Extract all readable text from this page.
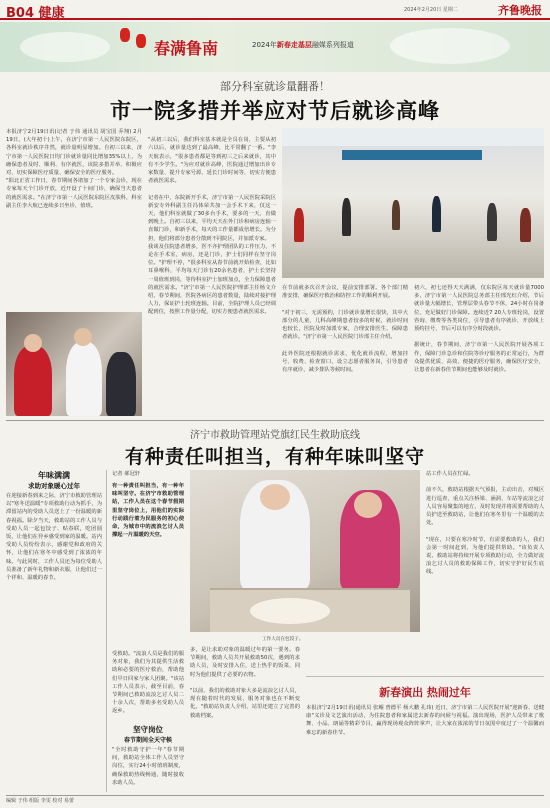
B04 健康	2024年2月20日 星期二	齐鲁晚报
春满鲁南	2024年新春走基层融媒系列报道
部分科室就诊量翻番！
市一院多措并举应对节后就诊高峰
本报济宁2月19日讯(记者 于伟 通讯员 胡宝国 乔翔) 2月19日，(大年初十)上午，在济宁市第一人民医院东院区，各科室就诊秩序井然，就诊量明显增加。自初三以来，济宁市第一人民医院日均门诊就诊量同比增加35%以上，为确保患者及时、顺利、有序就医，该院多措并举、积极应对，切实保障医疗质量、确保安全的医疗服务。
"阳北正省工作日，春节期间各诸加了一个专家会诊，现在专家每天个门诊开放，近开设了十间门诊，确保当天患者的就医需求。"在济宁市第一人民医院东院区皮肤科，科室副主任李大航已连续多日坐诊，值班。

"从初三以后，我们科室基本就是全员在岗，主要从初六以后，就诊量达到了最高峰，比平常翻了一番。"李天航表示，"很多患者都是等到初三之后来就诊，其中有不少学生。"为应对就诊高峰，医院通过增加出诊专家数量、提升专家号源，延长门诊时间等，切实方便患者就医需求。

记者在中，东院新开手术，济宁市第一人民医院采院区新安专外科副主任冯体荣共加一会手术下来，仅这一天，他们科室就做了30多台手术，要多的一天，直做到晚上。自初三以来，平均天天在外门诊和病房连轴一直做门诊，和新手术，每天的工作量都成倍增长。为分担，他们将部分患者分散到不同院区，并加派专家。
我谈及住院患者增多，医不齐护理团队的工作压力，不论在手术室，病房，还是门诊，护士们同样在坚守岗位。"护理不停，"很多科室从春节前就开始检查，比如耳鼻喉科，平均每天门诊有20余名患者，护士长坚持一周值班到岗，等待科室护士加班加点，全力保障患者的就医需求。"济宁市第一人民医院护理部主任杨文介绍，春节期间，医院各病区的患者数量，陆续对接护理人力，保证护士轮班连轴。目前，全院护理人员已经调配到位，按照工作量分配，切实方便患者就医需求。

在节前就多次召开会议，提前安排部署。各个部门精准安排，确保医疗救治和防控工作的顺利开展。

"对于初三，无需预约，门诊就诊量增长很快，其中大部分的儿童，儿科高峰期患者较多的时候，就诊时间也较长，医院及时加派专家，合理安排医生，保障患者就诊。"济宁市第一人民医院门诊部主任介绍。

此外医院还根据就诊需求，优化就诊流程，增加挂号、收费、检查窗口，设立志愿者服务岗，引导患者有序就诊，减少排队等候时间。
初六，初七还得天天满满，仅东院区每天就诊量7000多，济宁市第一人民医院总务部主任邢光红介绍，节后就诊量大幅增长，管理层带头春节不休，24小时在岗备位，充足做好门诊保障。连续近7 20人专班轮岗，设置咨询、缴费等各类岗位，引导患者有序就诊，开放线上预约挂号，节后可以有序分时段就诊。

据统计，春节期间，济宁市第一人民医院开展各项工作，保障门诊急诊和住院等诊疗服务的正常运行，为群众提供优质、高效、便捷的医疗服务，确保医疗安全，让患者在新春佳节期间也能够及时就诊。
济宁市救助管理站党旗红民生救助底线
有种责任叫担当，有种年味叫坚守
年味满满
求助对象暖心过年
在迎接新春到来之际，济宁市救助管理站以"寒冬送温暖"专项救助行动为抓手，为滞留站内的受助人员送上了一份温暖的新春祝福。除夕当天，救助站的工作人员与受助人员一起包饺子、贴春联，吃团圆饭，让他们在异乡感受到家的温暖。站内受助人员纷纷表示，感谢党和政府的关怀，让他们在寒冬中感受到了浓浓的年味。与此同时，工作人员还为每位受助人员准备了新年礼物和新衣服，让他们过一个祥和、温暖的春节。
记者 郝冠轩
有一种责任叫担当，有一种年味叫坚守。在济宁市救助管理站，工作人员在这个春节假期里坚守岗位上，用他们的实际行动践行着为民服务的初心使命，为城市中的流浪乞讨人员撑起一片温暖的天空。
受救助。"流浪人员是我们的服务对象，我们为其提供生活救助和必要的医疗救治，帮助他们早日回家与家人团聚。"该站工作人员表示，截至目前，春节期间已救助流浪乞讨人员二十余人次，帮助多名受助人员返乡。
坚守岗位
春节期间全天守候
"全时救助守护一年"春节期间，救助站全体工作人员坚守岗位，实行24小时值班制度，确保救助热线畅通，随时接收求助人员。
工作人员在包饺子。
多，是让求助对象的温暖过年的第一要务。春节期间，救助人员共开展救助50次，遇到的求助人员，及时安排入住，送上热乎的饭菜，同时为他们提供了必要的衣物。

"以前，我们的救助对象大多是流浪乞讨人员，现在随着时代的发展，服务对象也在不断变化。"救助站负责人介绍，站里还建立了完善的救助档案。
站工作人员在忙碌。

前不久，救助站根据天气预报，主动出击，对城区进行巡查，重点关注桥梁、涵洞、车站等流浪乞讨人员容易聚集的地方，及时发现并将需要帮助的人员护送至救助站，让他们在寒冬里有一个温暖的去处。

"现在，只要在寒冷时节，有需要救助的人，我们会第一时间赶到，为他们提供帮助。"该负责人说，救助站将持续开展专项救助行动，全力做好流浪乞讨人员的救助保障工作，切实守护好民生底线。
新春演出 热闹过年
本报济宁2月19日讯(通讯员 张鲲 曾德平 杨大鹏 孔玮) 近日，济宁市第二人民医院开展"迎新春、送健康"义诊及文艺演出活动，为住院患者和家属送去新春的问候与祝福。演出现场，医护人员带来了歌舞、小品、朗诵等精彩节目，赢得现场观众阵阵掌声，让大家在浓浓的节日氛围中度过了一个温馨而难忘的新春佳节。
编辑 于伟 组版 李雯 校对 易蕾
